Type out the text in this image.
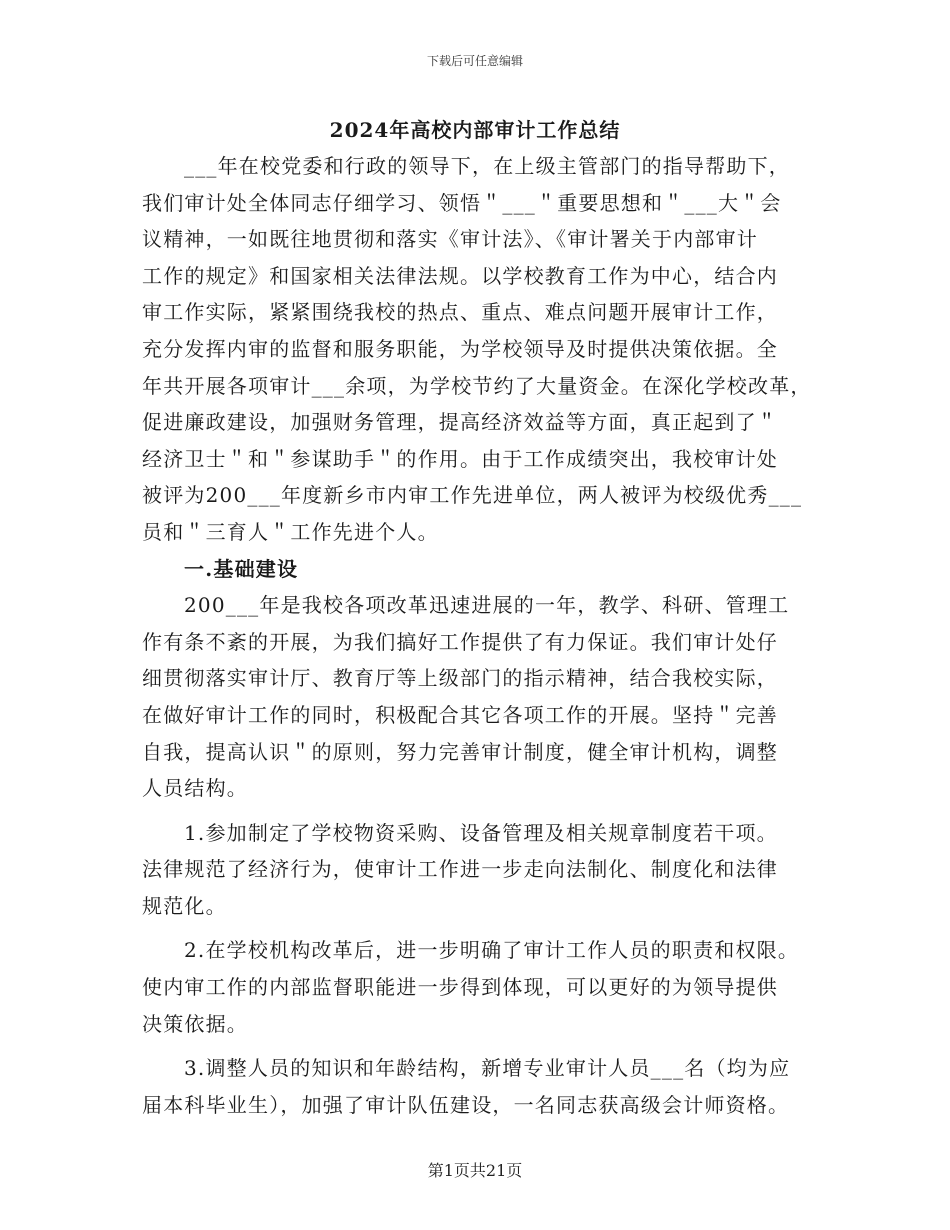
下载后可任意编辑
2024年高校内部审计工作总结
___年在校党委和行政的领导下，在上级主管部门的指导帮助下，
我们审计处全体同志仔细学习、领悟＂___＂重要思想和＂___大＂会
议精神，一如既往地贯彻和落实《审计法》、《审计署关于内部审计
工作的规定》和国家相关法律法规。以学校教育工作为中心，结合内
审工作实际，紧紧围绕我校的热点、重点、难点问题开展审计工作，
充分发挥内审的监督和服务职能，为学校领导及时提供决策依据。全
年共开展各项审计___余项，为学校节约了大量资金。在深化学校改革，
促进廉政建设，加强财务管理，提高经济效益等方面，真正起到了＂
经济卫士＂和＂参谋助手＂的作用。由于工作成绩突出，我校审计处
被评为200___年度新乡市内审工作先进单位，两人被评为校级优秀___
员和＂三育人＂工作先进个人。
一.基础建设
200___年是我校各项改革迅速进展的一年，教学、科研、管理工
作有条不紊的开展，为我们搞好工作提供了有力保证。我们审计处仔
细贯彻落实审计厅、教育厅等上级部门的指示精神，结合我校实际，
在做好审计工作的同时，积极配合其它各项工作的开展。坚持＂完善
自我，提高认识＂的原则，努力完善审计制度，健全审计机构，调整
人员结构。
1.参加制定了学校物资采购、设备管理及相关规章制度若干项。
法律规范了经济行为，使审计工作进一步走向法制化、制度化和法律
规范化。
2.在学校机构改革后，进一步明确了审计工作人员的职责和权限。
使内审工作的内部监督职能进一步得到体现，可以更好的为领导提供
决策依据。
3.调整人员的知识和年龄结构，新增专业审计人员___名（均为应
届本科毕业生），加强了审计队伍建设，一名同志获高级会计师资格。
第1页共21页
